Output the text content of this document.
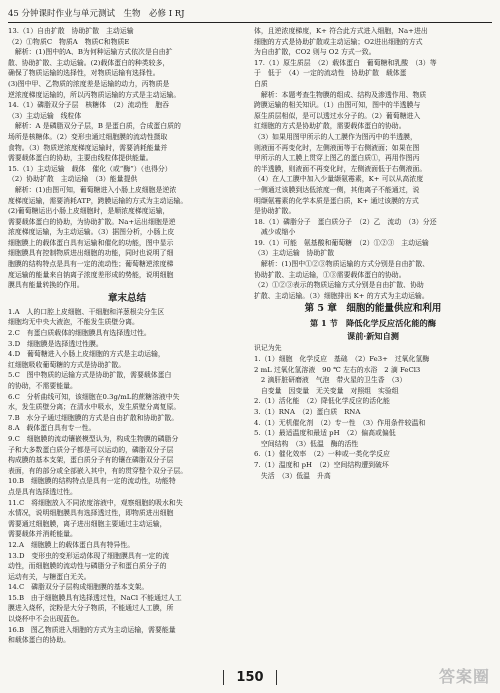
45 分钟课时作业与单元测试　生物　必修 I RJ
13.（1）自由扩散　协助扩散　主动运输
（2）①物质C　物质A　物质C和物质E
　解析：(1)图中的A、B为何种运输方式依次是自由扩
散、协助扩散、主动运输。(2)载体蛋白的种类较多，
确保了物质运输的选择性，对物质运输有选择性。
(3)图中甲、乙物质的浓度差是运输的动力，丙物质是
逆浓度梯度运输的，所以丙物质运输的方式是主动运输。
14.（1）磷脂双分子层　核糖体　（2）流动性　胞吞
（3）主动运输　线粒体
　解析：A 是磷脂双分子层，B 是蛋白质，合成蛋白质的
场所是核糖体。（2）变形虫通过细胞膜的流动性摄取
食物。（3）物质逆浓度梯度运输时，需要消耗能量并
需要载体蛋白的协助，主要由线粒体提供能量。
15.（1）主动运输　载体　催化（或“酶”）（也得分）
（2）协助扩散　主动运输　（3）能量提供
　解析：(1)由图可知，葡萄糖进入小肠上皮细胞是逆浓
度梯度运输，需要消耗ATP，跨膜运输的方式为主动运输。
(2)葡萄糖运出小肠上皮细胞时，是顺浓度梯度运输，
需要载体蛋白的协助，为协助扩散。Na+运出细胞是逆
浓度梯度运输，为主动运输。（3）据图分析，小肠上皮
细胞膜上的载体蛋白具有运输和催化的功能，图中显示
细胞膜具有控制物质进出细胞的功能，同时也说明了细
胞膜的结构特点是具有一定的流动性；葡萄糖逆浓度梯
度运输的能量来自钠离子浓度差形成的势能，说明细胞
膜具有能量转换的作用。
章末总结
1.A　人的口腔上皮细胞、干细胞和洋葱根尖分生区
细胞均无中央大液泡，不能发生质壁分离。
2.C　有蛋白质载体的细胞膜具有选择透过性。
3.D　细胞膜是选择透过性膜。
4.D　葡萄糖进入小肠上皮细胞的方式是主动运输，
红细胞吸收葡萄糖的方式是协助扩散。
5.C　图中物质的运输方式是协助扩散，需要载体蛋白
的协助，不需要能量。
6.C　分析曲线可知，该细胞在0.3g/mL的蔗糖溶液中失
水，发生质壁分离；在清水中吸水，发生质壁分离复原。
7.B　水分子通过细胞膜的方式是自由扩散和协助扩散。
8.A　载体蛋白具有专一性。
9.C　细胞膜的流动镶嵌模型认为，构成生物膜的磷脂分
子和大多数蛋白质分子都是可以运动的，磷脂双分子层
构成膜的基本支架，蛋白质分子有的镶在磷脂双分子层
表面，有的部分或全部嵌入其中，有的贯穿整个双分子层。
10.B　细胞膜的结构特点是具有一定的流动性，功能特
点是具有选择透过性。
11.C　将细胞放入不同浓度溶液中，观察细胞的吸水和失
水情况，说明细胞膜具有选择透过性，即物质进出细胞
需要通过细胞膜，离子进出细胞主要通过主动运输，
需要载体并消耗能量。
12.A　细胞膜上的载体蛋白具有特异性。
13.D　变形虫的变形运动体现了细胞膜具有一定的流
动性，而细胞膜的流动性与磷脂分子和蛋白质分子的
运动有关，与糖蛋白无关。
14.C　磷脂双分子层构成细胞膜的基本支架。
15.B　由于细胞膜具有选择透过性，NaCl 不能通过人工
膜进入烧杯，淀粉是大分子物质，不能通过人工膜，所
以烧杯中不会出现蓝色。
16.B　图乙物质进入细胞的方式为主动运输，需要能量
和载体蛋白的协助。
体，且逆浓度梯度，K+ 符合此方式进入细胞，Na+进出
细胞的方式是协助扩散或主动运输；O2进出细胞的方式
为自由扩散，CO2 则与 O2 方式一致。
17.（1）原生质层　（2）载体蛋白　葡萄糖和乳酸　（3）等
于　低于　（4）一定的流动性　协助扩散　载体蛋
白质
　解析：本题考查生物膜的组成、结构及渗透作用、物质
跨膜运输的相关知识。（1）由图可知，图中的半透膜与
原生质层相似，是可以透过水分子的。（2）葡萄糖进入
红细胞的方式是协助扩散，需要载体蛋白的协助。
（3）如果用图甲所示的人工膜作为图丙中的半透膜，
则液面不再变化时，左侧液面等于右侧液面；如果在图
甲所示的人工膜上贯穿上图乙的蛋白质①，再用作图丙
的半透膜，则液面不再变化时，左侧液面低于右侧液面。
（4）在人工膜中加入少量缬氨霉素，K+ 可以从高浓度
一侧通过该膜到达低浓度一侧，其他离子不能通过，说
明缬氨霉素的化学本质是蛋白质，K+ 通过该膜的方式
是协助扩散。
18.（1）磷脂分子　蛋白质分子　（2）乙　流动　（3）分还
　减少或缩小
19.（1）可能　氨基酸和葡萄糖　（2）①②③　主动运输
（3）主动运输　协助扩散
　解析：(1)图中①②③物质运输的方式分别是自由扩散、
协助扩散、主动运输，①③需要载体蛋白的协助。
（2）①②③表示的物质运输方式分别是自由扩散、协助
扩散、主动运输。（3）细胞排出 K+ 的方式为主动运输。
第 5 章　细胞的能量供应和利用
第 1 节　降低化学反应活化能的酶
课前·新知自测
识记为先
1.（1）细胞　化学反应　基础　（2）Fe3+　过氧化氢酶
2 mL 过氧化氢溶液　90 ℃ 左右的水浴　2 滴 FeCl3
　2 滴肝脏研磨液　气泡　带火星的卫生香　（3）
　自变量　因变量　无关变量　对照组　实验组
2.（1）活化能　（2）降低化学反应的活化能
3.（1）RNA　（2）蛋白质　RNA
4.（1）无机催化剂　（2）专一性　（3）作用条件较温和
5.（1）最适温度和最适 pH　（2）偏高或偏低
　空间结构　（3）低温　酶的活性
6.（1）催化效率　（2）一种或一类化学反应
7.（1）温度和 pH　（2）空间结构遭到破坏
　失活　（3）低温　升高
150	答案圈
